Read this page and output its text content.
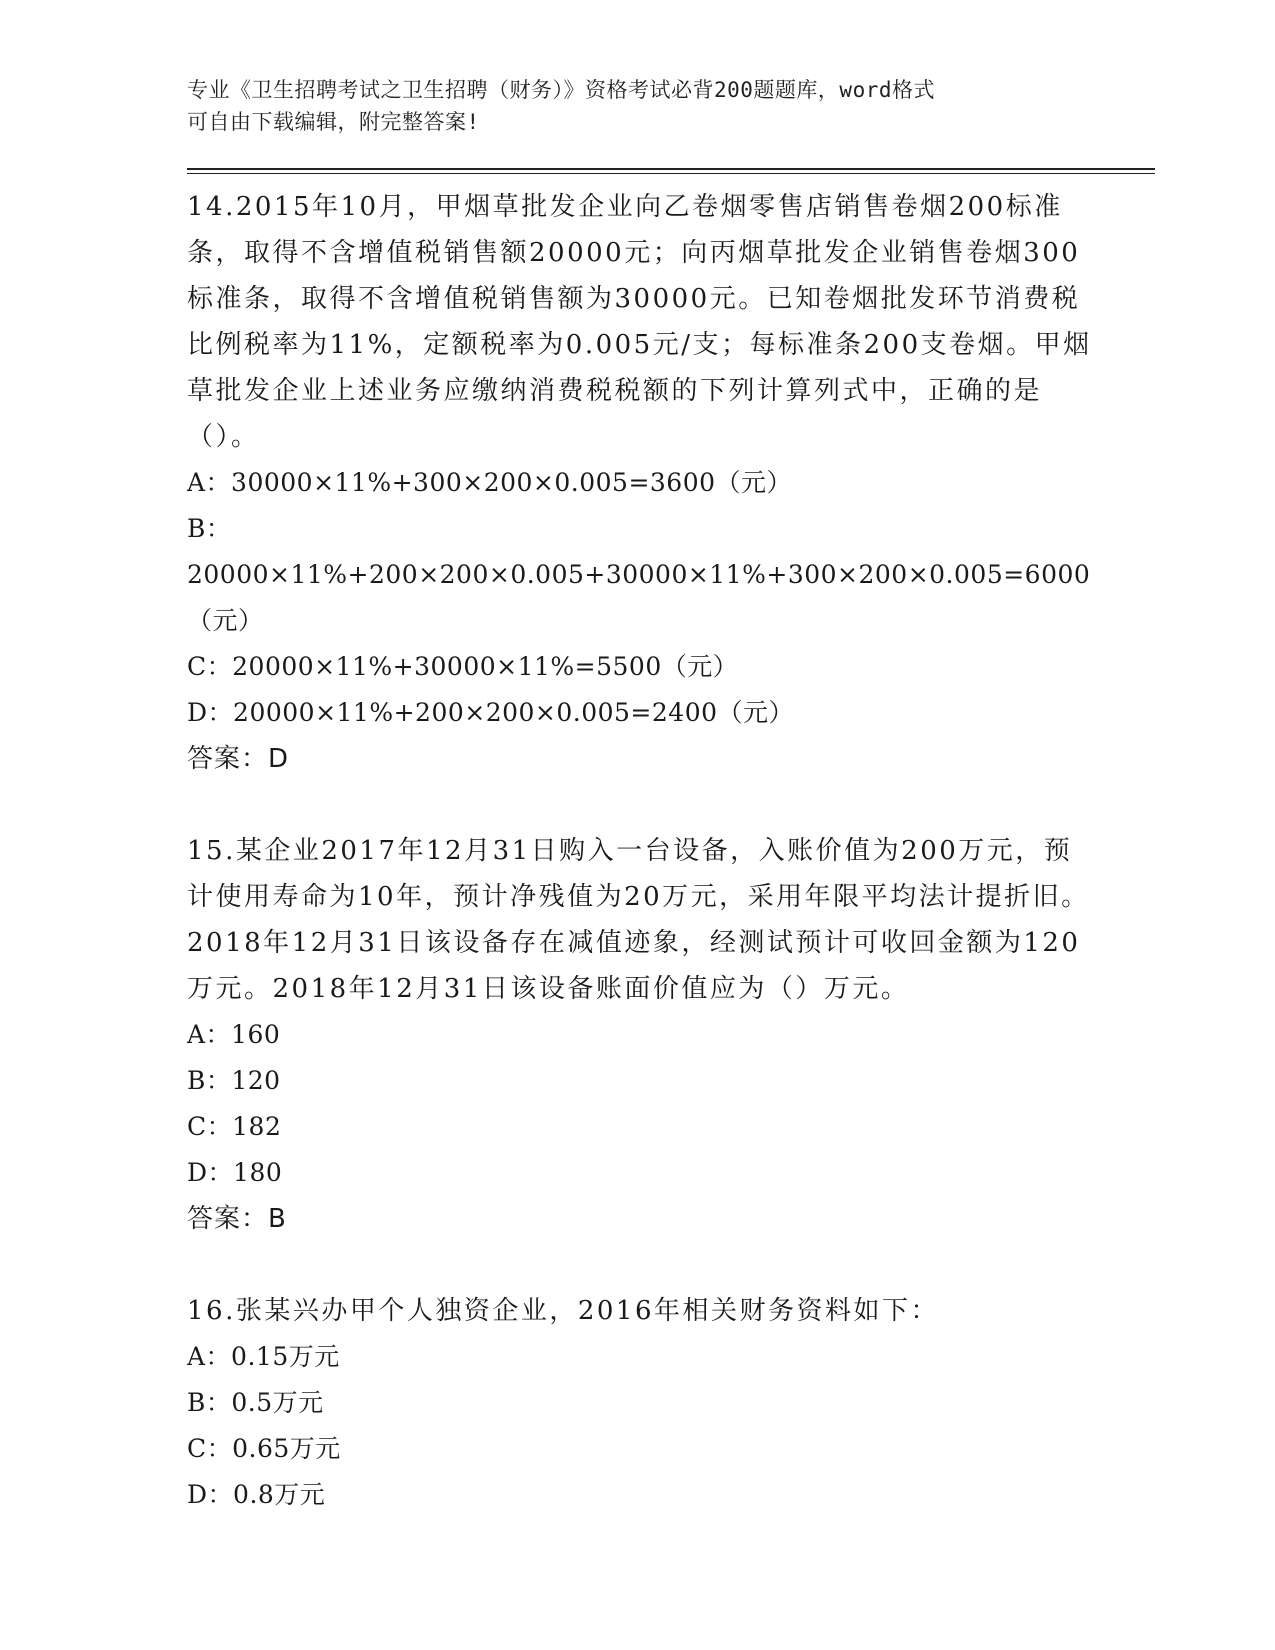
专业《卫生招聘考试之卫生招聘（财务）》资格考试必背200题题库，word格式
可自由下载编辑，附完整答案!
14.2015年10月，甲烟草批发企业向乙卷烟零售店销售卷烟200标准条，取得不含增值税销售额20000元；向丙烟草批发企业销售卷烟300标准条，取得不含增值税销售额为30000元。已知卷烟批发环节消费税比例税率为11%，定额税率为0.005元/支；每标准条200支卷烟。甲烟草批发企业上述业务应缴纳消费税税额的下列计算列式中，正确的是（）。
A：30000×11%+300×200×0.005=3600（元）
B：20000×11%+200×200×0.005+30000×11%+300×200×0.005=6000（元）
C：20000×11%+30000×11%=5500（元）
D：20000×11%+200×200×0.005=2400（元）
答案：D
15.某企业2017年12月31日购入一台设备，入账价值为200万元，预计使用寿命为10年，预计净残值为20万元，采用年限平均法计提折旧。2018年12月31日该设备存在减值迹象，经测试预计可收回金额为120万元。2018年12月31日该设备账面价值应为（）万元。
A：160
B：120
C：182
D：180
答案：B
16.张某兴办甲个人独资企业，2016年相关财务资料如下：
A：0.15万元
B：0.5万元
C：0.65万元
D：0.8万元
